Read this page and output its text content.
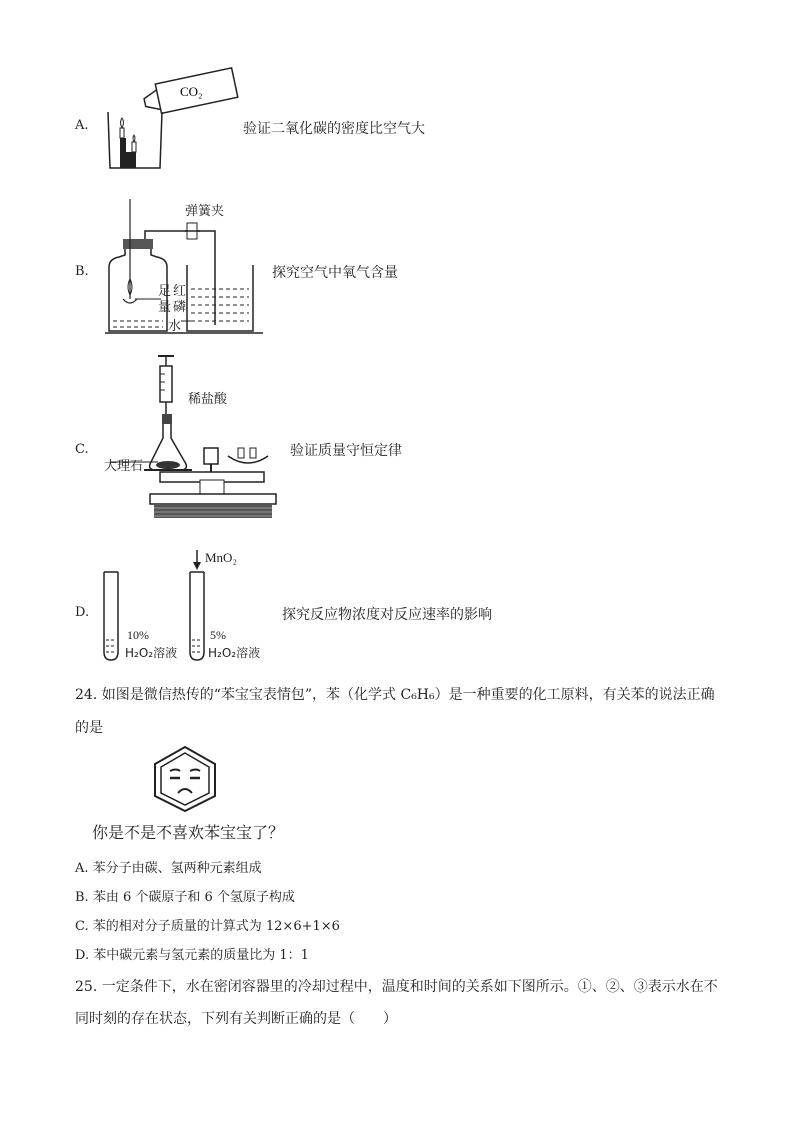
A.
CO₂
验证二氧化碳的密度比空气大
B.
弹簧夹
足
量
红
磷
水
探究空气中氧气含量
C.
稀盐酸
大理石
验证质量守恒定律
D.
MnO₂
10%
H₂O₂溶液
5%
H₂O₂溶液
探究反应物浓度对反应速率的影响
24. 如图是微信热传的“苯宝宝表情包”，苯（化学式 C₆H₆）是一种重要的化工原料，有关苯的说法正确
的是
你是不是不喜欢苯宝宝了？
A. 苯分子由碳、氢两种元素组成
B. 苯由 6 个碳原子和 6 个氢原子构成
C. 苯的相对分子质量的计算式为 12×6+1×6
D. 苯中碳元素与氢元素的质量比为 1：1
25. 一定条件下，水在密闭容器里的冷却过程中，温度和时间的关系如下图所示。①、②、③表示水在不
同时刻的存在状态，下列有关判断正确的是（　　）
